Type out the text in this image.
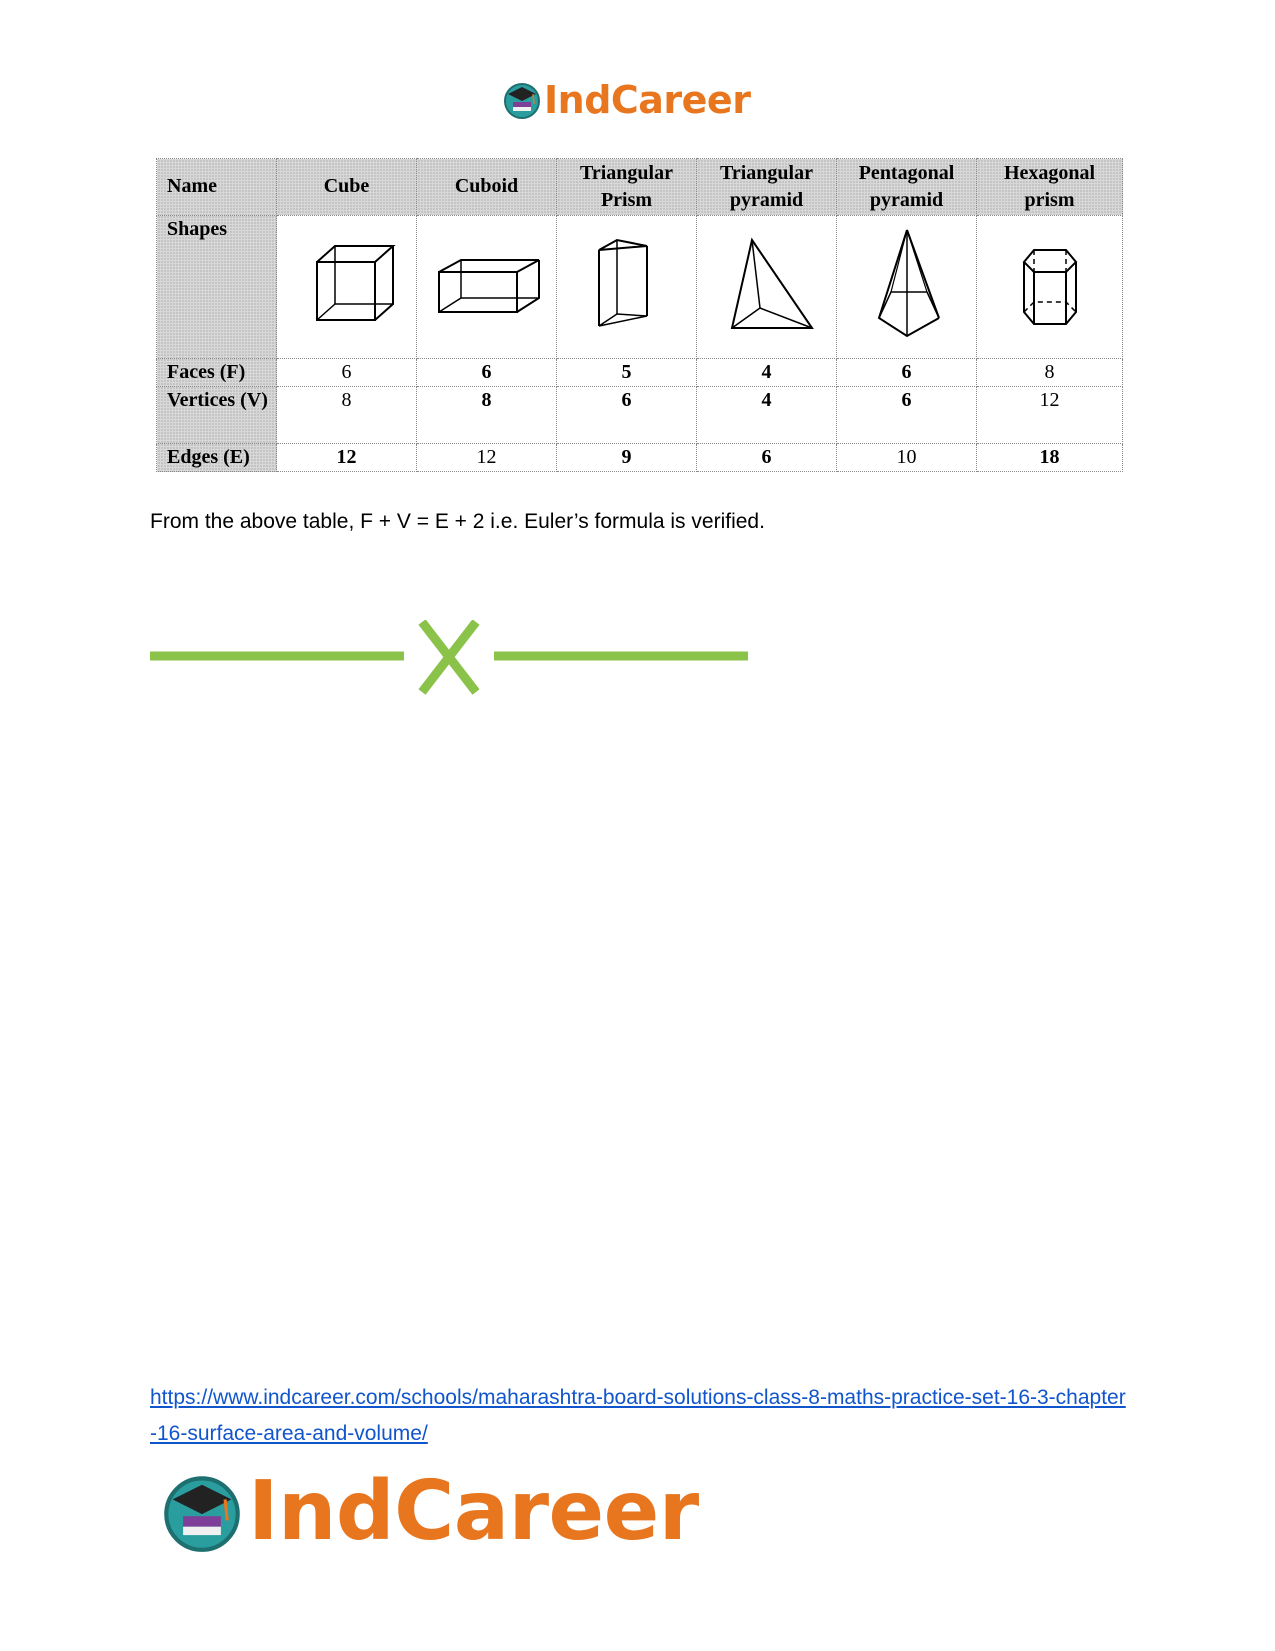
IndCareer
Name	Cube	Cuboid	Triangular Prism	Triangular pyramid	Pentagonal pyramid	Hexagonal prism
Shapes	

Faces (F)	6	6	5	4	6	8
Vertices (V)	8	8	6	4	6	12
Edges (E)	12	12	9	6	10	18

From the above table, F + V = E + 2 i.e. Euler’s formula is verified.

https://www.indcareer.com/schools/maharashtra-board-solutions-class-8-maths-practice-set-16-3-chapter-16-surface-area-and-volume/
IndCareer
